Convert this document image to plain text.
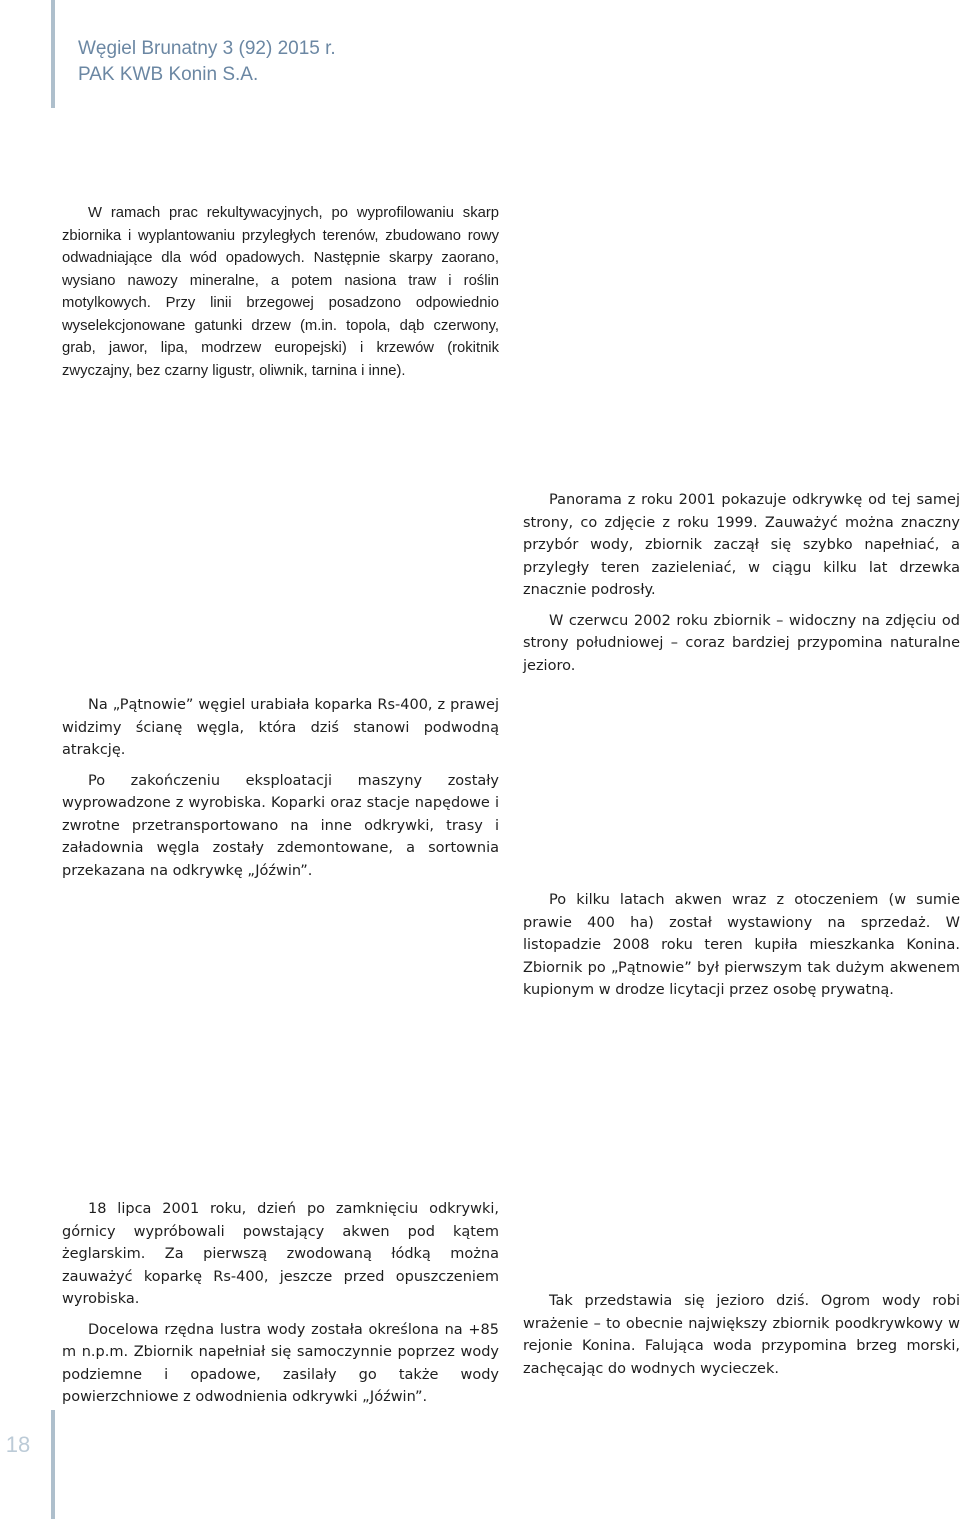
Węgiel Brunatny 3 (92) 2015 r.
PAK KWB Konin S.A.

W ramach prac rekultywacyjnych, po wyprofilowaniu skarp zbiornika i wyplantowaniu przyległych terenów, zbudowano rowy odwadniające dla wód opadowych. Następnie skarpy zaorano, wysiano nawozy mineralne, a potem nasiona traw i roślin motylkowych. Przy linii brzegowej posadzono odpowiednio wyselekcjonowane gatunki drzew (m.in. topola, dąb czerwony, grab, jawor, lipa, modrzew europejski) i krzewów (rokitnik zwyczajny, bez czarny ligustr, oliwnik, tarnina i inne).

Panorama z roku 2001 pokazuje odkrywkę od tej samej strony, co zdjęcie z roku 1999. Zauważyć można znaczny przybór wody, zbiornik zaczął się szybko napełniać, a przyległy teren zazieleniać, w ciągu kilku lat drzewka znacznie podrosły.

W czerwcu 2002 roku zbiornik – widoczny na zdjęciu od strony południowej – coraz bardziej przypomina naturalne jezioro.

Na „Pątnowie” węgiel urabiała koparka Rs-400, z prawej widzimy ścianę węgla, która dziś stanowi podwodną atrakcję.

Po zakończeniu eksploatacji maszyny zostały wyprowadzone z wyrobiska. Koparki oraz stacje napędowe i zwrotne przetransportowano na inne odkrywki, trasy i załadownia węgla zostały zdemontowane, a sortownia przekazana na odkrywkę „Jóźwin”.

Po kilku latach akwen wraz z otoczeniem (w sumie prawie 400 ha) został wystawiony na sprzedaż. W listopadzie 2008 roku teren kupiła mieszkanka Konina. Zbiornik po „Pątnowie” był pierwszym tak dużym akwenem kupionym w drodze licytacji przez osobę prywatną.

18 lipca 2001 roku, dzień po zamknięciu odkrywki, górnicy wypróbowali powstający akwen pod kątem żeglarskim. Za pierwszą zwodowaną łódką można zauważyć koparkę Rs-400, jeszcze przed opuszczeniem wyrobiska.

Docelowa rzędna lustra wody została określona na +85 m n.p.m. Zbiornik napełniał się samoczynnie poprzez wody podziemne i opadowe, zasilały go także wody powierzchniowe z odwodnienia odkrywki „Jóźwin”.

Tak przedstawia się jezioro dziś. Ogrom wody robi wrażenie – to obecnie największy zbiornik poodkrywkowy w rejonie Konina. Falująca woda przypomina brzeg morski, zachęcając do wodnych wycieczek.

18
